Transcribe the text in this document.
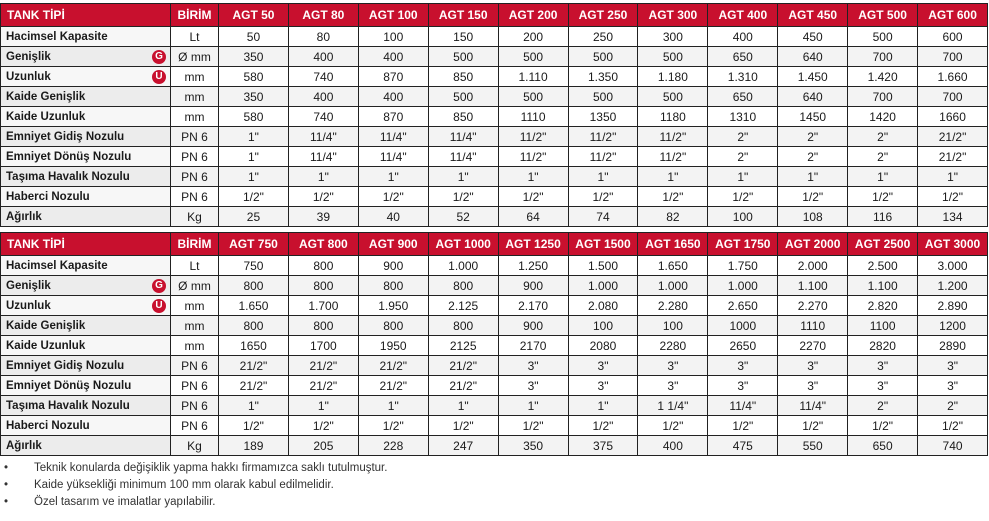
TANK TİPİ	BİRİM	AGT 50	AGT 80	AGT 100	AGT 150	AGT 200	AGT 250	AGT 300	AGT 400	AGT 450	AGT 500	AGT 600
Hacimsel Kapasite	Lt	50	80	100	150	200	250	300	400	450	500	600
Genişlik G	Ø mm	350	400	400	500	500	500	500	650	640	700	700
Uzunluk U	mm	580	740	870	850	1.110	1.350	1.180	1.310	1.450	1.420	1.660
Kaide Genişlik	mm	350	400	400	500	500	500	500	650	640	700	700
Kaide Uzunluk	mm	580	740	870	850	1110	1350	1180	1310	1450	1420	1660
Emniyet Gidiş Nozulu	PN 6	1"	11/4"	11/4"	11/4"	11/2"	11/2"	11/2"	2"	2"	2"	21/2"
Emniyet Dönüş Nozulu	PN 6	1"	11/4"	11/4"	11/4"	11/2"	11/2"	11/2"	2"	2"	2"	21/2"
Taşıma Havalık Nozulu	PN 6	1"	1"	1"	1"	1"	1"	1"	1"	1"	1"	1"
Haberci Nozulu	PN 6	1/2"	1/2"	1/2"	1/2"	1/2"	1/2"	1/2"	1/2"	1/2"	1/2"	1/2"
Ağırlık	Kg	25	39	40	52	64	74	82	100	108	116	134
TANK TİPİ	BİRİM	AGT 750	AGT 800	AGT 900	AGT 1000	AGT 1250	AGT 1500	AGT 1650	AGT 1750	AGT 2000	AGT 2500	AGT 3000
Hacimsel Kapasite	Lt	750	800	900	1.000	1.250	1.500	1.650	1.750	2.000	2.500	3.000
Genişlik G	Ø mm	800	800	800	800	900	1.000	1.000	1.000	1.100	1.100	1.200
Uzunluk U	mm	1.650	1.700	1.950	2.125	2.170	2.080	2.280	2.650	2.270	2.820	2.890
Kaide Genişlik	mm	800	800	800	800	900	100	100	1000	1110	1100	1200
Kaide Uzunluk	mm	1650	1700	1950	2125	2170	2080	2280	2650	2270	2820	2890
Emniyet Gidiş Nozulu	PN 6	21/2"	21/2"	21/2"	21/2"	3"	3"	3"	3"	3"	3"	3"
Emniyet Dönüş Nozulu	PN 6	21/2"	21/2"	21/2"	21/2"	3"	3"	3"	3"	3"	3"	3"
Taşıma Havalık Nozulu	PN 6	1"	1"	1"	1"	1"	1"	1 1/4"	11/4"	11/4"	2"	2"
Haberci Nozulu	PN 6	1/2"	1/2"	1/2"	1/2"	1/2"	1/2"	1/2"	1/2"	1/2"	1/2"	1/2"
Ağırlık	Kg	189	205	228	247	350	375	400	475	550	650	740
• Teknik konularda değişiklik yapma hakkı firmamızca saklı tutulmuştur.
• Kaide yüksekliği minimum 100 mm olarak kabul edilmelidir.
• Özel tasarım ve imalatlar yapılabilir.
